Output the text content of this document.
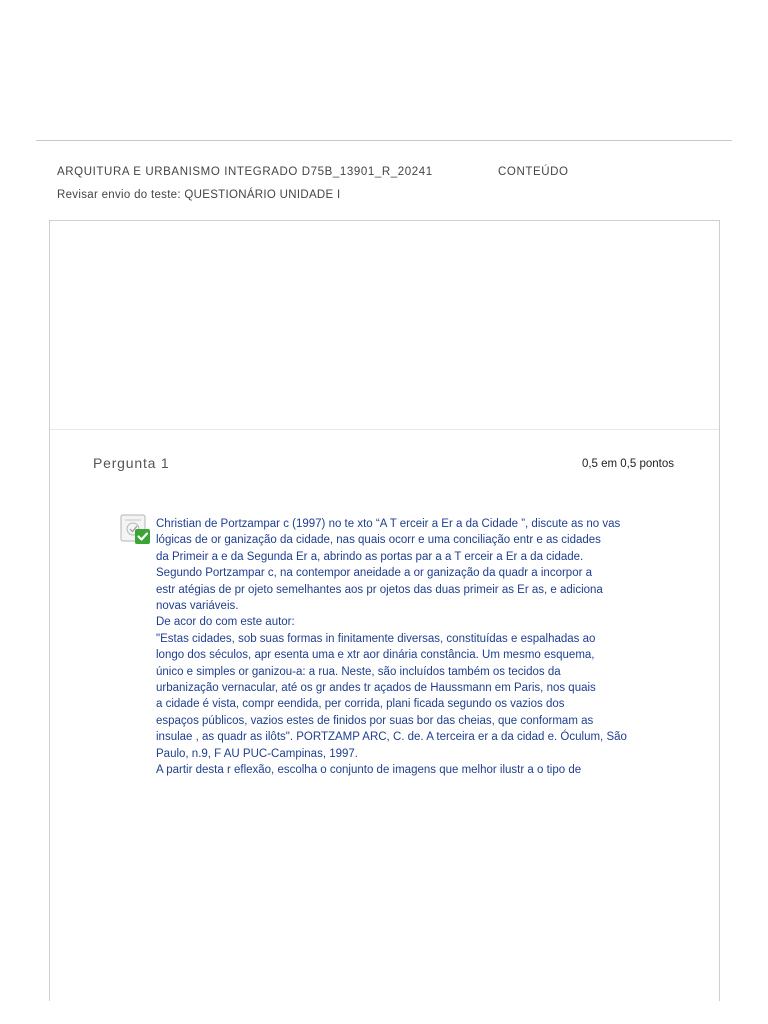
ARQUITURA E URBANISMO INTEGRADO D75B_13901_R_20241	CONTEÚDO
Revisar envio do teste: QUESTIONÁRIO UNIDADE I
Pergunta 1	0,5 em 0,5 pontos

Christian de Portzampar c (1997) no te xto “A T erceir a Er a da Cidade ”, discute as no vas

lógicas de or ganização da cidade, nas quais ocorr e uma conciliação entr e as cidades

da Primeir a e da Segunda Er a, abrindo as portas par a a T erceir a Er a da cidade.

Segundo Portzampar c, na contempor aneidade a or ganização da quadr a incorpor a

estr atégias de pr ojeto semelhantes aos pr ojetos das duas primeir as Er as, e adiciona

novas variáveis.

De acor do com este autor:

"Estas cidades, sob suas formas in finitamente diversas, constituídas e espalhadas ao

longo dos séculos, apr esenta uma e xtr aor dinária constância. Um mesmo esquema,

único e simples or ganizou-a: a rua. Neste, são incluídos também os tecidos da

urbanização vernacular, até os gr andes tr açados de Haussmann em Paris, nos quais

a cidade é vista, compr eendida, per corrida, plani ficada segundo os vazios dos

espaços públicos, vazios estes de finidos por suas bor das cheias, que conformam as

insulae , as quadr as ilôts". PORTZAMP ARC, C. de. A terceira er a da cidad e. Óculum, São

Paulo, n.9, F AU PUC-Campinas, 1997.

A partir desta r eflexão, escolha o conjunto de imagens que melhor ilustr a o tipo de
